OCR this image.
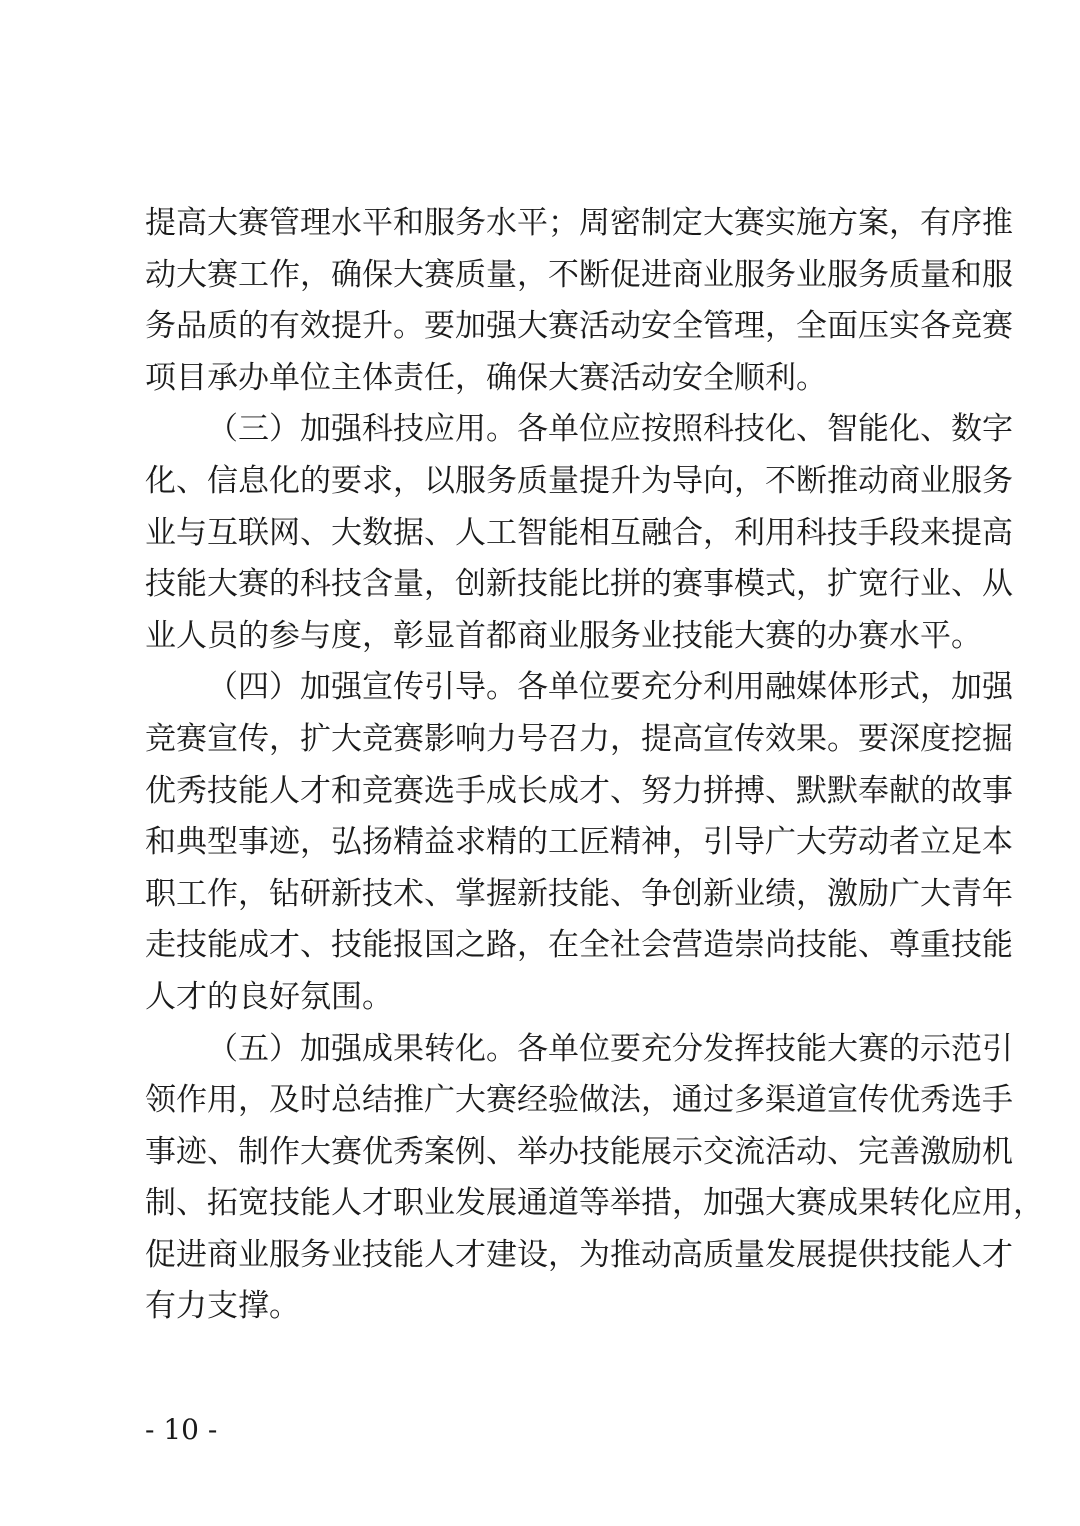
提高大赛管理水平和服务水平；周密制定大赛实施方案，有序推
动大赛工作，确保大赛质量，不断促进商业服务业服务质量和服
务品质的有效提升。要加强大赛活动安全管理，全面压实各竞赛
项目承办单位主体责任，确保大赛活动安全顺利。

（三）加强科技应用。各单位应按照科技化、智能化、数字
化、信息化的要求，以服务质量提升为导向，不断推动商业服务
业与互联网、大数据、人工智能相互融合，利用科技手段来提高
技能大赛的科技含量，创新技能比拼的赛事模式，扩宽行业、从
业人员的参与度，彰显首都商业服务业技能大赛的办赛水平。

（四）加强宣传引导。各单位要充分利用融媒体形式，加强
竞赛宣传，扩大竞赛影响力号召力，提高宣传效果。要深度挖掘
优秀技能人才和竞赛选手成长成才、努力拼搏、默默奉献的故事
和典型事迹，弘扬精益求精的工匠精神，引导广大劳动者立足本
职工作，钻研新技术、掌握新技能、争创新业绩，激励广大青年
走技能成才、技能报国之路，在全社会营造崇尚技能、尊重技能
人才的良好氛围。

（五）加强成果转化。各单位要充分发挥技能大赛的示范引
领作用，及时总结推广大赛经验做法，通过多渠道宣传优秀选手
事迹、制作大赛优秀案例、举办技能展示交流活动、完善激励机
制、拓宽技能人才职业发展通道等举措，加强大赛成果转化应用，
促进商业服务业技能人才建设，为推动高质量发展提供技能人才
有力支撑。

- 10 -
